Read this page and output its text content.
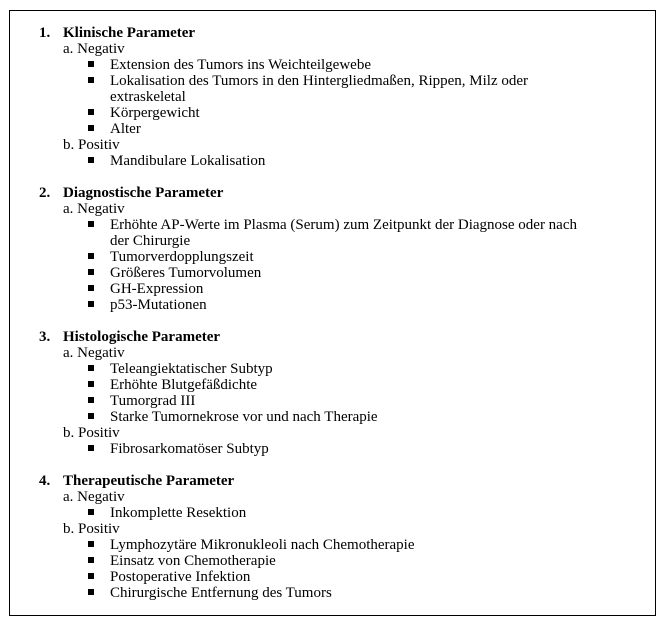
1. Klinische Parameter
a. Negativ
Extension des Tumors ins Weichteilgewebe
Lokalisation des Tumors in den Hintergliedmaßen, Rippen, Milz oder extraskeletal
Körpergewicht
Alter
b. Positiv
Mandibulare Lokalisation
2. Diagnostische Parameter
a. Negativ
Erhöhte AP-Werte im Plasma (Serum) zum Zeitpunkt der Diagnose oder nach der Chirurgie
Tumorverdopplungszeit
Größeres Tumorvolumen
GH-Expression
p53-Mutationen
3. Histologische Parameter
a. Negativ
Teleangiektatischer Subtyp
Erhöhte Blutgefäßdichte
Tumorgrad III
Starke Tumornekrose vor und nach Therapie
b. Positiv
Fibrosarkomatöser Subtyp
4. Therapeutische Parameter
a. Negativ
Inkomplette Resektion
b. Positiv
Lymphozytäre Mikronukleoli nach Chemotherapie
Einsatz von Chemotherapie
Postoperative Infektion
Chirurgische Entfernung des Tumors
